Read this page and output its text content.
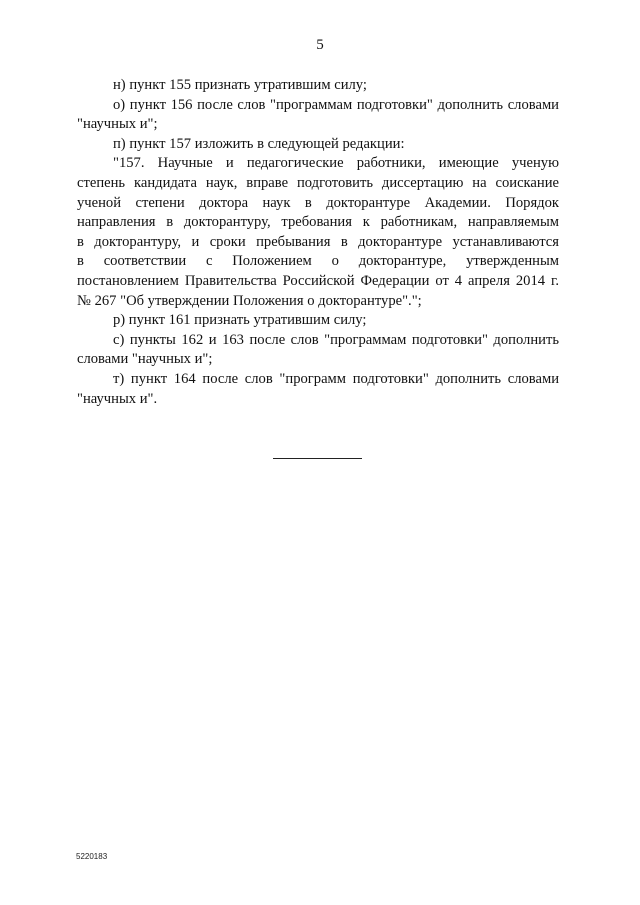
5

н) пункт 155 признать утратившим силу;

о) пункт 156 после слов "программам подготовки" дополнить словами "научных и";

п) пункт 157 изложить в следующей редакции:

"157. Научные и педагогические работники, имеющие ученую

степень кандидата наук, вправе подготовить диссертацию на соискание

ученой степени доктора наук в докторантуре Академии. Порядок

направления в докторантуру, требования к работникам, направляемым

в докторантуру, и сроки пребывания в докторантуре устанавливаются

в соответствии с Положением о докторантуре, утвержденным

постановлением Правительства Российской Федерации от 4 апреля 2014 г.

№ 267 "Об утверждении Положения о докторантуре".";

р) пункт 161 признать утратившим силу;

с) пункты 162 и 163 после слов "программам подготовки" дополнить словами "научных и";

т) пункт 164 после слов "программ подготовки" дополнить словами "научных и".

5220183
